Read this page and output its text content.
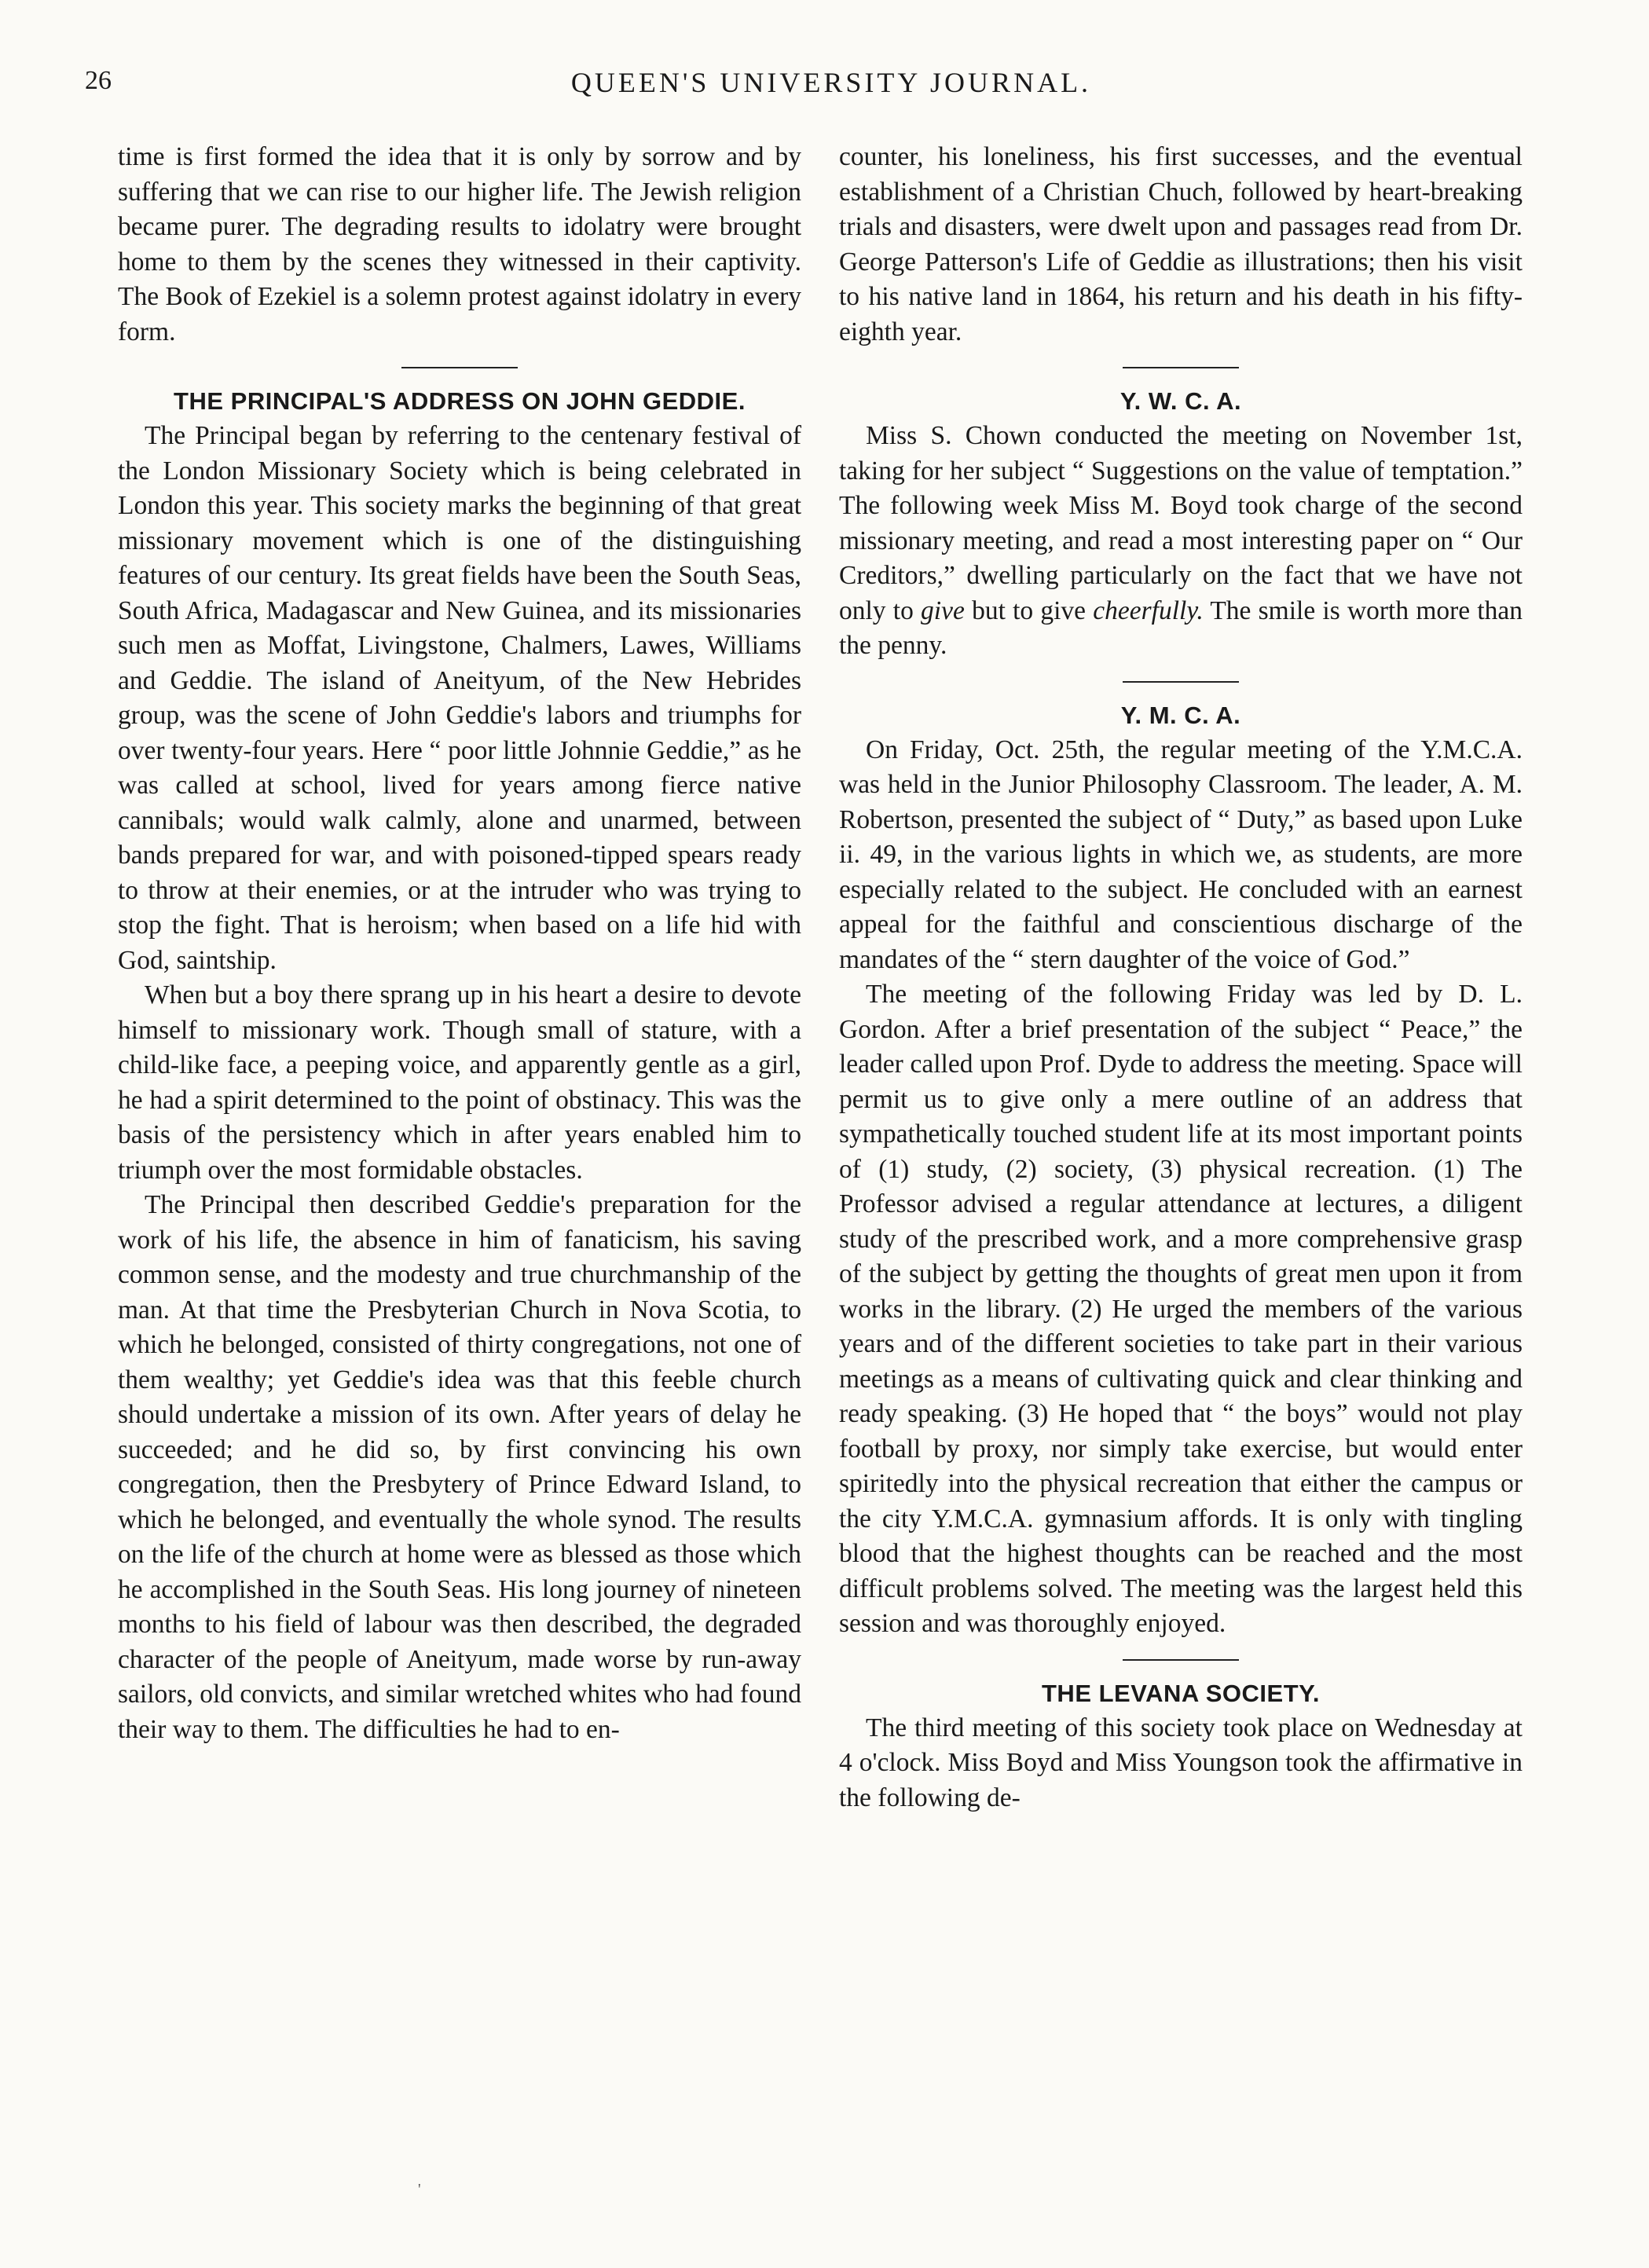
26	QUEEN'S UNIVERSITY JOURNAL.

time is first formed the idea that it is only by sorrow and by suffering that we can rise to our higher life. The Jewish religion became purer. The degrading results to idolatry were brought home to them by the scenes they witnessed in their captivity. The Book of Ezekiel is a solemn protest against idolatry in every form.

THE PRINCIPAL'S ADDRESS ON JOHN GEDDIE.

The Principal began by referring to the centenary festival of the London Missionary Society which is being celebrated in London this year. This society marks the beginning of that great missionary movement which is one of the distinguishing features of our century. Its great fields have been the South Seas, South Africa, Madagascar and New Guinea, and its missionaries such men as Moffat, Livingstone, Chalmers, Lawes, Williams and Geddie. The island of Aneityum, of the New Hebrides group, was the scene of John Geddie's labors and triumphs for over twenty-four years. Here “ poor little Johnnie Geddie,” as he was called at school, lived for years among fierce native cannibals; would walk calmly, alone and unarmed, between bands prepared for war, and with poisoned-tipped spears ready to throw at their enemies, or at the intruder who was trying to stop the fight. That is heroism; when based on a life hid with God, saintship.

When but a boy there sprang up in his heart a desire to devote himself to missionary work. Though small of stature, with a child-like face, a peeping voice, and apparently gentle as a girl, he had a spirit determined to the point of obstinacy. This was the basis of the persistency which in after years enabled him to triumph over the most formidable obstacles.

The Principal then described Geddie's preparation for the work of his life, the absence in him of fanaticism, his saving common sense, and the modesty and true churchmanship of the man. At that time the Presbyterian Church in Nova Scotia, to which he belonged, consisted of thirty congregations, not one of them wealthy; yet Geddie's idea was that this feeble church should undertake a mission of its own. After years of delay he succeeded; and he did so, by first convincing his own congregation, then the Presbytery of Prince Edward Island, to which he belonged, and eventually the whole synod. The results on the life of the church at home were as blessed as those which he accomplished in the South Seas. His long journey of nineteen months to his field of labour was then described, the degraded character of the people of Aneityum, made worse by run-away sailors, old convicts, and similar wretched whites who had found their way to them. The difficulties he had to en-

counter, his loneliness, his first successes, and the eventual establishment of a Christian Chuch, followed by heart-breaking trials and disasters, were dwelt upon and passages read from Dr. George Patterson's Life of Geddie as illustrations; then his visit to his native land in 1864, his return and his death in his fifty-eighth year.

Y. W. C. A.

Miss S. Chown conducted the meeting on November 1st, taking for her subject “ Suggestions on the value of temptation.” The following week Miss M. Boyd took charge of the second missionary meeting, and read a most interesting paper on “ Our Creditors,” dwelling particularly on the fact that we have not only to give but to give cheerfully. The smile is worth more than the penny.

Y. M. C. A.

On Friday, Oct. 25th, the regular meeting of the Y.M.C.A. was held in the Junior Philosophy Classroom. The leader, A. M. Robertson, presented the subject of “ Duty,” as based upon Luke ii. 49, in the various lights in which we, as students, are more especially related to the subject. He concluded with an earnest appeal for the faithful and conscientious discharge of the mandates of the “ stern daughter of the voice of God.”

The meeting of the following Friday was led by D. L. Gordon. After a brief presentation of the subject “ Peace,” the leader called upon Prof. Dyde to address the meeting. Space will permit us to give only a mere outline of an address that sympathetically touched student life at its most important points of (1) study, (2) society, (3) physical recreation. (1) The Professor advised a regular attendance at lectures, a diligent study of the prescribed work, and a more comprehensive grasp of the subject by getting the thoughts of great men upon it from works in the library. (2) He urged the members of the various years and of the different societies to take part in their various meetings as a means of cultivating quick and clear thinking and ready speaking. (3) He hoped that “ the boys” would not play football by proxy, nor simply take exercise, but would enter spiritedly into the physical recreation that either the campus or the city Y.M.C.A. gymnasium affords. It is only with tingling blood that the highest thoughts can be reached and the most difficult problems solved. The meeting was the largest held this session and was thoroughly enjoyed.

THE LEVANA SOCIETY.

The third meeting of this society took place on Wednesday at 4 o'clock. Miss Boyd and Miss Youngson took the affirmative in the following de-

'
